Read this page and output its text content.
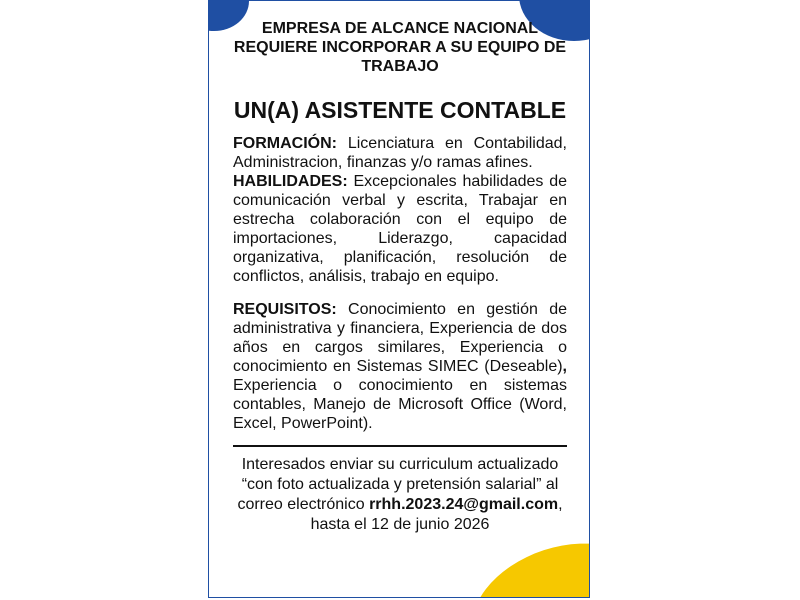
EMPRESA DE ALCANCE NACIONAL REQUIERE INCORPORAR A SU EQUIPO DE TRABAJO

UN(A) ASISTENTE CONTABLE

FORMACIÓN: Licenciatura en Contabilidad, Administracion, finanzas y/o ramas afines.

HABILIDADES: Excepcionales habilidades de comunicación verbal y escrita, Trabajar en estrecha colaboración con el equipo de importaciones, Liderazgo, capacidad organizativa, planificación, resolución de conflictos, análisis, trabajo en equipo.

REQUISITOS: Conocimiento en gestión de administrativa y financiera, Experiencia de dos años en cargos similares, Experiencia o conocimiento en Sistemas SIMEC (Deseable), Experiencia o conocimiento en sistemas contables, Manejo de Microsoft Office (Word, Excel, PowerPoint).

Interesados enviar su curriculum actualizado
“con foto actualizada y pretensión salarial” al
correo electrónico rrhh.2023.24@gmail.com,
hasta el 12 de junio 2026
